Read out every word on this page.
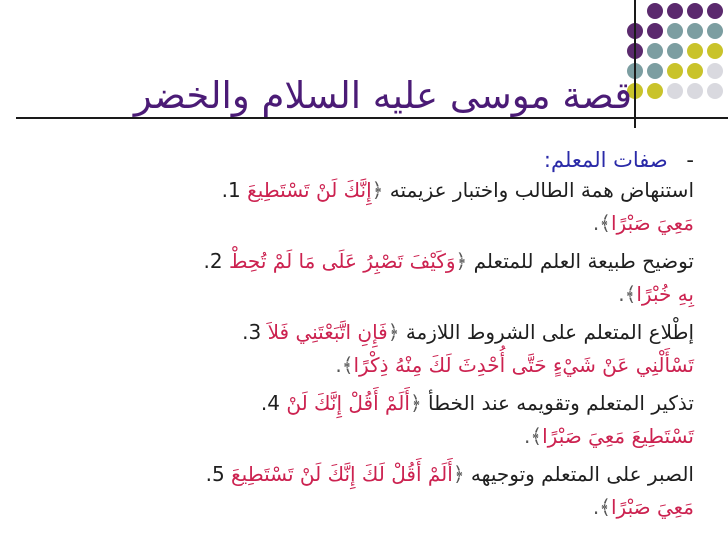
قصة موسى عليه السلام والخضر
- صفات المعلم:
استنهاض همة الطالب واختبار عزيمته ﴿إِنَّكَ لَنْ تَسْتَطِيعَ 1.
مَعِيَ صَبْرًا﴾.
توضيح طبيعة العلم للمتعلم ﴿وَكَيْفَ تَصْبِرُ عَلَى مَا لَمْ تُحِطْ 2.
بِهِ خُبْرًا﴾.
إطْلاع المتعلم على الشروط اللازمة ﴿فَإِنِ اتَّبَعْتَنِي فَلاَ 3.
تَسْأَلْنِي عَنْ شَيْءٍ حَتَّى أُحْدِثَ لَكَ مِنْهُ ذِكْرًا﴾.
تذكير المتعلم وتقويمه عند الخطأ ﴿أَلَمْ أَقُلْ إِنَّكَ لَنْ 4.
تَسْتَطِيعَ مَعِيَ صَبْرًا﴾.
الصبر على المتعلم وتوجيهه ﴿أَلَمْ أَقُلْ لَكَ إِنَّكَ لَنْ تَسْتَطِيعَ 5.
مَعِيَ صَبْرًا﴾.
